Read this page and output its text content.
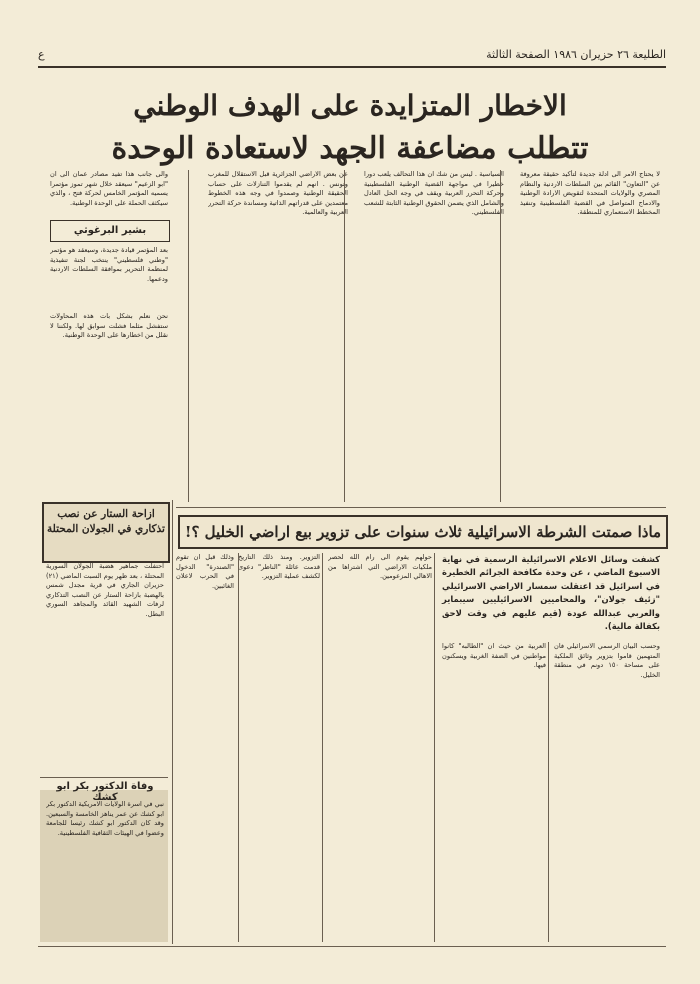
الطليعة ٢٦ حزيران ١٩٨٦ الصفحة الثالثة
ع
الاخطار المتزايدة على الهدف الوطني
تتطلب مضاعفة الجهد لاستعادة الوحدة
بشير البرغوثي

لا يحتاج الامر الى ادلة جديدة لتأكيد حقيقة معروفة عن "التعاون" القائم بين السلطات الاردنية والنظام المصري والولايات المتحدة لتقويض الارادة الوطنية والادماج المتواصل في القضية الفلسطينية وتنفيذ المخطط الاستعماري للمنطقة.

السياسية . ليس من شك ان هذا التحالف يلعب دورا خطيرا في مواجهة القضية الوطنية الفلسطينية وحركة التحرر العربية ويقف في وجه الحل العادل والشامل الذي يضمن الحقوق الوطنية الثابتة للشعب الفلسطيني.

عن بعض الاراضي الجزائرية قبل الاستقلال للمغرب وتونس . انهم لم يقدموا التنازلات على حساب الحقيقة الوطنية وصمدوا في وجه هذه الخطوط معتمدين على قدراتهم الذاتية ومساندة حركة التحرر العربية والعالمية.

والى جانب هذا تفيد مصادر عمان الى ان "ابو الزعيم" سيعقد خلال شهر تموز مؤتمرا يسميه المؤتمر الخامس لحركة فتح ، والذي سيكثف الحملة على الوحدة الوطنية.

بعد المؤتمر قيادة جديدة، وسيعقد هو مؤتمر "وطني فلسطيني" ينتخب لجنة تنفيذية لمنظمة التحرير بموافقة السلطات الاردنية ودعمها.

نحن نعلم بشكل بات هذه المحاولات ستفشل مثلما فشلت سوابق لها. ولكننا لا نقلل من اخطارها على الوحدة الوطنية.

ماذا صمتت الشرطة الاسرائيلية ثلاث سنوات على تزوير بيع اراضي الخليل ؟!
كشفت وسائل الاعلام الاسرائيلية الرسمية في نهاية الاسبوع الماضي ، عن وحدة مكافحة الجرائم الخطيرة في اسرائيل قد اعتقلت سمسار الاراضي الاسرائيلي "زئيف جولان"، والمحاميين الاسرائيليين سيبماير والعربي عبدالله عودة (قيم عليهم في وقت لاحق بكفالة مالية).

وحسب البيان الرسمي الاسرائيلي فان المتهمين قاموا بتزوير وثائق الملكية على مساحة ١٥٠ دونم في منطقة الخليل.

العربية من حيث ان "الطالبه" كانوا مواطنين في الضفة الغربية ويسكنون فيها.

حولهم يقوم الى رام الله لحصر ملكيات الاراضي التي اشتراها من الاهالي المزعومين.

التزوير. ومنذ ذلك التاريخ قدمت عائلة "الناظر" دعوى لكشف عملية التزوير.

وذلك قبل ان تقوم "الصندرة" الدخول في الحرب لاعلان الغائبين.

ازاحة الستار عن نصب تذكاري في الجولان المحتلة

احتفلت جماهير هضبة الجولان السورية المحتلة ، بعد ظهر يوم السبت الماضي (٢١) حزيران الجاري في قرية مجدل شمس بالهضبة بازاحة الستار عن النصب التذكاري لرفات الشهيد القائد والمجاهد السوري البطل.

وفاة الدكتور بكر ابو كشك

نبي في اسرة الولايات الامريكية الدكتور بكر ابو كشك عن عمر يناهز الخامسة والسبعين. وقد كان الدكتور ابو كشك رئيسا للجامعة وعضوا في الهيئات الثقافية الفلسطينية.
